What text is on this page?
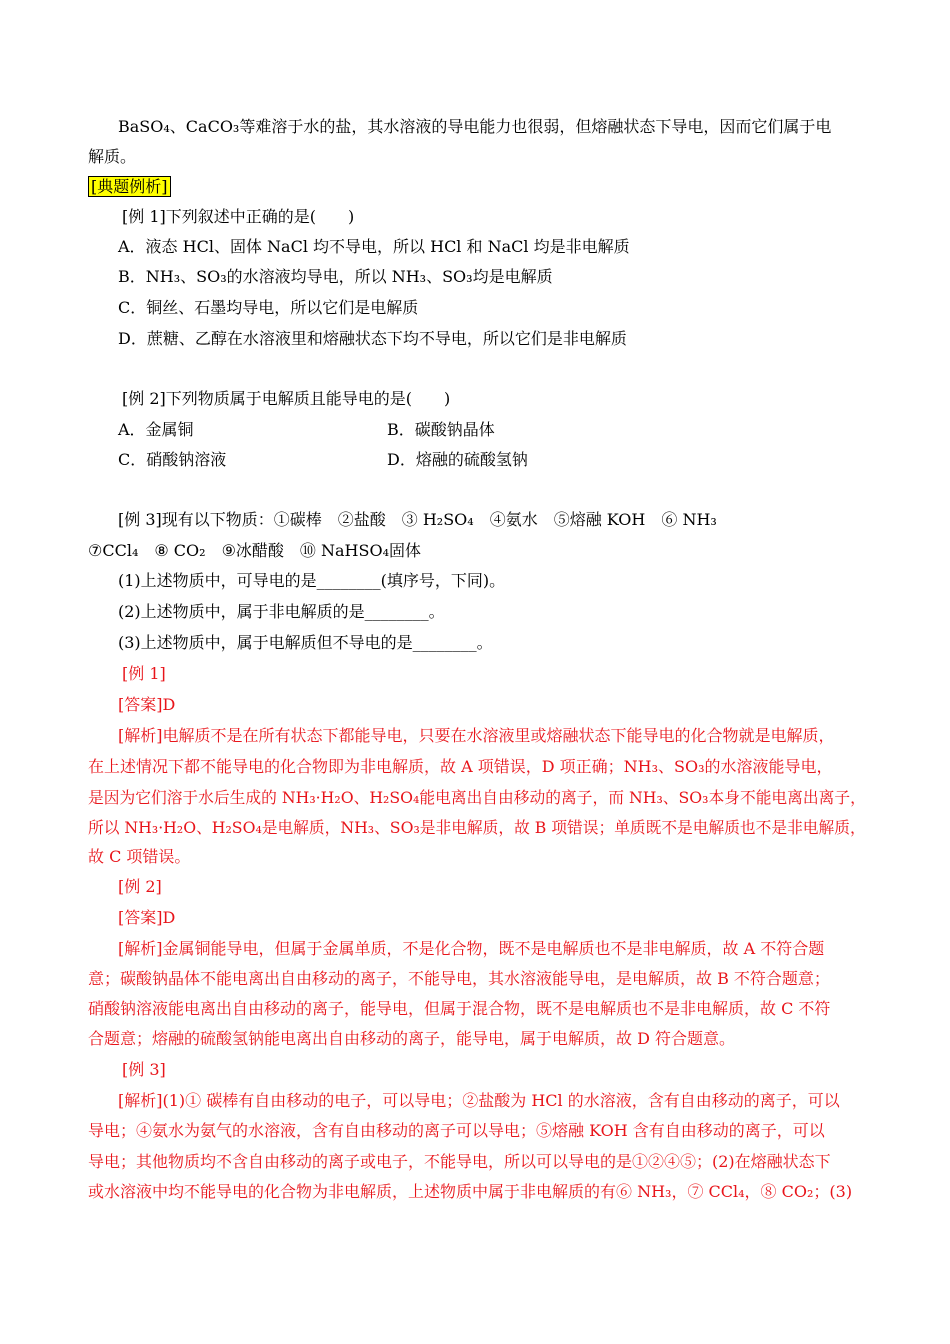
BaSO₄、CaCO₃等难溶于水的盐，其水溶液的导电能力也很弱，但熔融状态下导电，因而它们属于电
解质。
[典题例析]
[例 1]下列叙述中正确的是(　　)
A．液态 HCl、固体 NaCl 均不导电，所以 HCl 和 NaCl 均是非电解质
B．NH₃、SO₃的水溶液均导电，所以 NH₃、SO₃均是电解质
C．铜丝、石墨均导电，所以它们是电解质
D．蔗糖、乙醇在水溶液里和熔融状态下均不导电，所以它们是非电解质
[例 2]下列物质属于电解质且能导电的是(　　)
A．金属铜	B．碳酸钠晶体
C．硝酸钠溶液	D．熔融的硫酸氢钠
[例 3]现有以下物质：①碳棒　②盐酸　③ H₂SO₄　④氨水　⑤熔融 KOH　⑥ NH₃
⑦CCl₄　⑧ CO₂　⑨冰醋酸　⑩ NaHSO₄固体
(1)上述物质中，可导电的是________(填序号，下同)。
(2)上述物质中，属于非电解质的是________。
(3)上述物质中，属于电解质但不导电的是________。
[例 1]
[答案]D
[解析]电解质不是在所有状态下都能导电，只要在水溶液里或熔融状态下能导电的化合物就是电解质，
在上述情况下都不能导电的化合物即为非电解质，故 A 项错误，D 项正确；NH₃、SO₃的水溶液能导电，
是因为它们溶于水后生成的 NH₃·H₂O、H₂SO₄能电离出自由移动的离子，而 NH₃、SO₃本身不能电离出离子，
所以 NH₃·H₂O、H₂SO₄是电解质，NH₃、SO₃是非电解质，故 B 项错误；单质既不是电解质也不是非电解质，
故 C 项错误。
[例 2]
[答案]D
[解析]金属铜能导电，但属于金属单质，不是化合物，既不是电解质也不是非电解质，故 A 不符合题
意；碳酸钠晶体不能电离出自由移动的离子，不能导电，其水溶液能导电，是电解质，故 B 不符合题意；
硝酸钠溶液能电离出自由移动的离子，能导电，但属于混合物，既不是电解质也不是非电解质，故 C 不符
合题意；熔融的硫酸氢钠能电离出自由移动的离子，能导电，属于电解质，故 D 符合题意。
[例 3]
[解析](1)① 碳棒有自由移动的电子，可以导电；②盐酸为 HCl 的水溶液，含有自由移动的离子，可以
导电；④氨水为氨气的水溶液，含有自由移动的离子可以导电；⑤熔融 KOH 含有自由移动的离子，可以
导电；其他物质均不含自由移动的离子或电子，不能导电，所以可以导电的是①②④⑤；(2)在熔融状态下
或水溶液中均不能导电的化合物为非电解质，上述物质中属于非电解质的有⑥ NH₃，⑦ CCl₄，⑧ CO₂；(3)
